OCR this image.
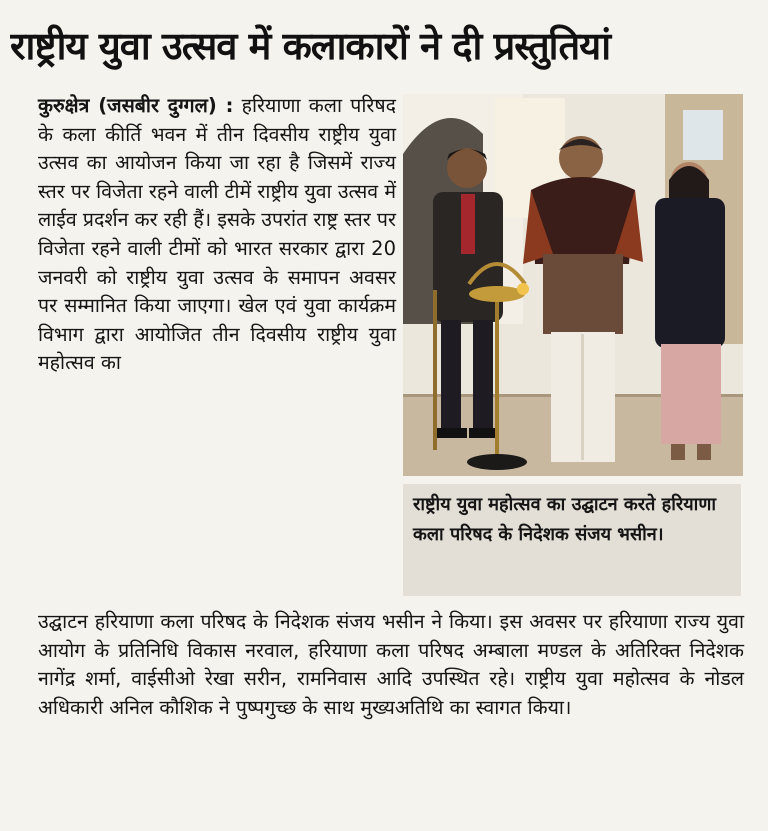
राष्ट्रीय युवा उत्सव में कलाकारों ने दी प्रस्तुतियां

कुरुक्षेत्र (जसबीर दुग्गल) : हरियाणा कला परिषद के कला कीर्ति भवन में तीन दिवसीय राष्ट्रीय युवा उत्सव का आयोजन किया जा रहा है जिसमें राज्य स्तर पर विजेता रहने वाली टीमें राष्ट्रीय युवा उत्सव में लाईव प्रदर्शन कर रही हैं। इसके उपरांत राष्ट्र स्तर पर विजेता रहने वाली टीमों को भारत सरकार द्वारा 20 जनवरी को राष्ट्रीय युवा उत्सव के समापन अवसर पर सम्मानित किया जाएगा। खेल एवं युवा कार्यक्रम विभाग द्वारा आयोजित तीन दिवसीय राष्ट्रीय युवा महोत्सव का

राष्ट्रीय युवा महोत्सव का उद्घाटन करते हरियाणा कला परिषद के निदेशक संजय भसीन।

उद्घाटन हरियाणा कला परिषद के निदेशक संजय भसीन ने किया। इस अवसर पर हरियाणा राज्य युवा आयोग के प्रतिनिधि विकास नरवाल, हरियाणा कला परिषद अम्बाला मण्डल के अतिरिक्त निदेशक नागेंद्र शर्मा, वाईसीओ रेखा सरीन, रामनिवास आदि उपस्थित रहे। राष्ट्रीय युवा महोत्सव के नोडल अधिकारी अनिल कौशिक ने पुष्पगुच्छ के साथ मुख्यअतिथि का स्वागत किया।
